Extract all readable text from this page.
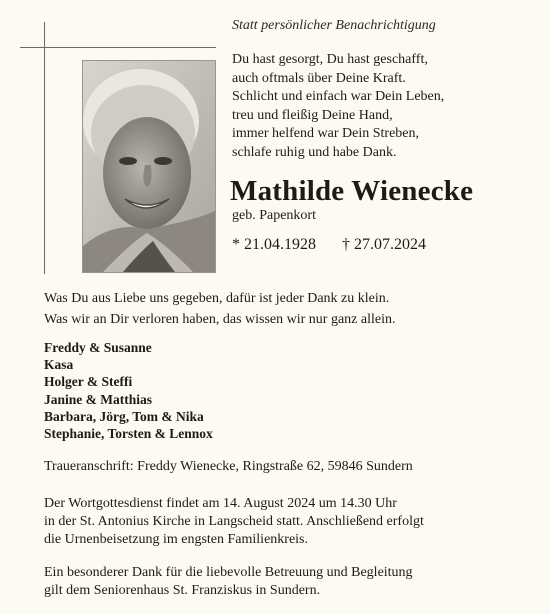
Statt persönlicher Benachrichtigung
Du hast gesorgt, Du hast geschafft,
auch oftmals über Deine Kraft.
Schlicht und einfach war Dein Leben,
treu und fleißig Deine Hand,
immer helfend war Dein Streben,
schlafe ruhig und habe Dank.
Mathilde Wienecke
geb. Papenkort
* 21.04.1928 † 27.07.2024
Was Du aus Liebe uns gegeben, dafür ist jeder Dank zu klein.
Was wir an Dir verloren haben, das wissen wir nur ganz allein.
Freddy & Susanne
Kasa
Holger & Steffi
Janine & Matthias
Barbara, Jörg, Tom & Nika
Stephanie, Torsten & Lennox
Traueranschrift: Freddy Wienecke, Ringstraße 62, 59846 Sundern
Der Wortgottesdienst findet am 14. August 2024 um 14.30 Uhr
in der St. Antonius Kirche in Langscheid statt. Anschließend erfolgt
die Urnenbeisetzung im engsten Familienkreis.
Ein besonderer Dank für die liebevolle Betreuung und Begleitung
gilt dem Seniorenhaus St. Franziskus in Sundern.
